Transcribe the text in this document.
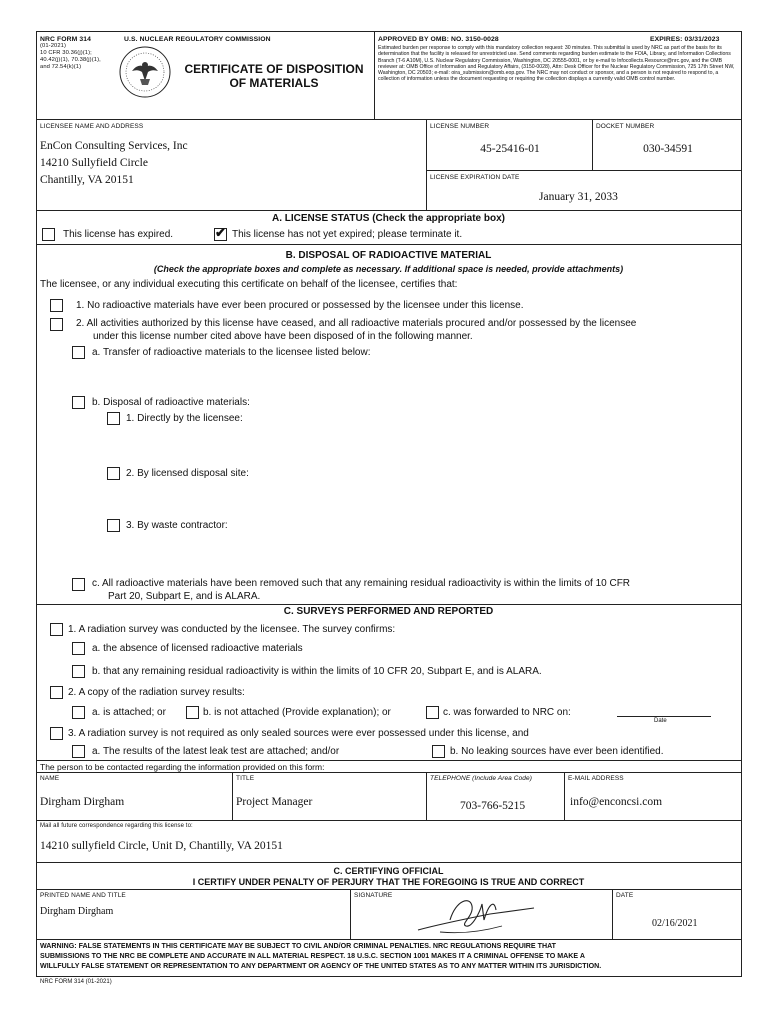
NRC FORM 314
(01-2021)
10 CFR 30.36(j)(1);
40.42(j)(1), 70.38(j)(1),
and 72.54(k)(1)
U.S. NUCLEAR REGULATORY COMMISSION
CERTIFICATE OF DISPOSITION
OF MATERIALS
APPROVED BY OMB: NO. 3150-0028	EXPIRES: 03/31/2023
Estimated burden per response to comply with this mandatory collection request: 30 minutes. This submittal is used by NRC as part of the basis for its determination that the facility is released for unrestricted use. Send comments regarding burden estimate to the FOIA, Library, and Information Collections Branch (T-6 A10M), U.S. Nuclear Regulatory Commission, Washington, DC 20555-0001, or by e-mail to Infocollects.Resource@nrc.gov, and the OMB reviewer at: OMB Office of Information and Regulatory Affairs, (3150-0028), Attn: Desk Officer for the Nuclear Regulatory Commission, 725 17th Street NW, Washington, DC 20503; e-mail: oira_submission@omb.eop.gov. The NRC may not conduct or sponsor, and a person is not required to respond to, a collection of information unless the document requesting or requiring the collection displays a currently valid OMB control number.
LICENSEE NAME AND ADDRESS
EnCon Consulting Services, Inc
14210 Sullyfield Circle
Chantilly, VA 20151
LICENSE NUMBER
45-25416-01
DOCKET NUMBER
030-34591
LICENSE EXPIRATION DATE
January 31, 2033
A. LICENSE STATUS (Check the appropriate box)
This license has expired.	✔ This license has not yet expired; please terminate it.
B. DISPOSAL OF RADIOACTIVE MATERIAL
(Check the appropriate boxes and complete as necessary. If additional space is needed, provide attachments)
The licensee, or any individual executing this certificate on behalf of the licensee, certifies that:
1. No radioactive materials have ever been procured or possessed by the licensee under this license.
2. All activities authorized by this license have ceased, and all radioactive materials procured and/or possessed by the licensee
under this license number cited above have been disposed of in the following manner.
a. Transfer of radioactive materials to the licensee listed below:
b. Disposal of radioactive materials:
1. Directly by the licensee:
2. By licensed disposal site:
3. By waste contractor:
c. All radioactive materials have been removed such that any remaining residual radioactivity is within the limits of 10 CFR
Part 20, Subpart E, and is ALARA.
C. SURVEYS PERFORMED AND REPORTED
1. A radiation survey was conducted by the licensee. The survey confirms:
a. the absence of licensed radioactive materials
b. that any remaining residual radioactivity is within the limits of 10 CFR 20, Subpart E, and is ALARA.
2. A copy of the radiation survey results:
a. is attached; or	b. is not attached (Provide explanation); or	c. was forwarded to NRC on:
Date
3. A radiation survey is not required as only sealed sources were ever possessed under this license, and
a. The results of the latest leak test are attached; and/or	b. No leaking sources have ever been identified.
The person to be contacted regarding the information provided on this form:
NAME
Dirgham Dirgham
TITLE
Project Manager
TELEPHONE (Include Area Code)
703-766-5215
E-MAIL ADDRESS
info@enconcsi.com
Mail all future correspondence regarding this license to:
14210 sullyfield Circle, Unit D, Chantilly, VA 20151
C. CERTIFYING OFFICIAL
I CERTIFY UNDER PENALTY OF PERJURY THAT THE FOREGOING IS TRUE AND CORRECT
PRINTED NAME AND TITLE
Dirgham Dirgham
SIGNATURE	DATE
02/16/2021
WARNING: FALSE STATEMENTS IN THIS CERTIFICATE MAY BE SUBJECT TO CIVIL AND/OR CRIMINAL PENALTIES. NRC REGULATIONS REQUIRE THAT
SUBMISSIONS TO THE NRC BE COMPLETE AND ACCURATE IN ALL MATERIAL RESPECT. 18 U.S.C. SECTION 1001 MAKES IT A CRIMINAL OFFENSE TO MAKE A
WILLFULLY FALSE STATEMENT OR REPRESENTATION TO ANY DEPARTMENT OR AGENCY OF THE UNITED STATES AS TO ANY MATTER WITHIN ITS JURISDICTION.
NRC FORM 314 (01-2021)
